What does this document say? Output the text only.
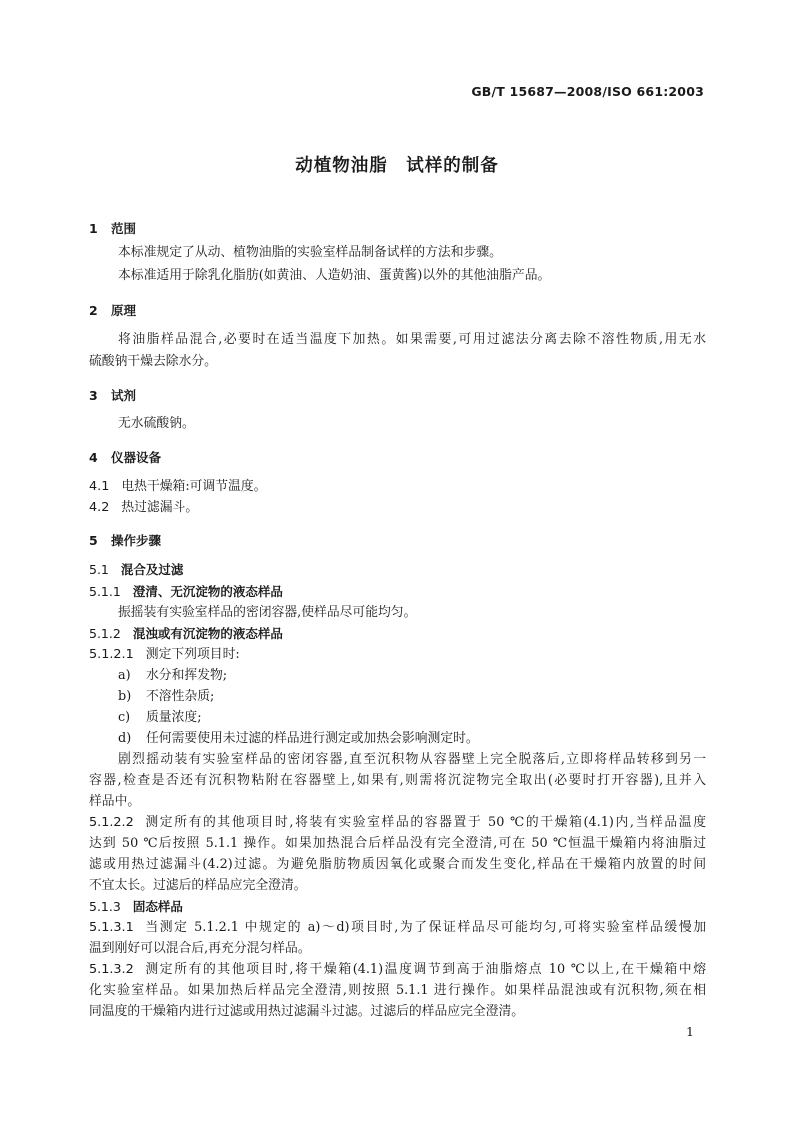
GB/T 15687—2008/ISO 661:2003

动植物油脂　试样的制备

1 范围

本标准规定了从动、植物油脂的实验室样品制备试样的方法和步骤。

本标准适用于除乳化脂肪(如黄油、人造奶油、蛋黄酱)以外的其他油脂产品。

2 原理

将油脂样品混合,必要时在适当温度下加热。如果需要,可用过滤法分离去除不溶性物质,用无水

硫酸钠干燥去除水分。

3 试剂

无水硫酸钠。

4 仪器设备

4.1 电热干燥箱:可调节温度。

4.2 热过滤漏斗。

5 操作步骤

5.1 混合及过滤

5.1.1 澄清、无沉淀物的液态样品

振摇装有实验室样品的密闭容器,使样品尽可能均匀。

5.1.2 混浊或有沉淀物的液态样品

5.1.2.1 测定下列项目时:

a) 水分和挥发物;

b) 不溶性杂质;

c) 质量浓度;

d) 任何需要使用未过滤的样品进行测定或加热会影响测定时。

剧烈摇动装有实验室样品的密闭容器,直至沉积物从容器壁上完全脱落后,立即将样品转移到另一

容器,检查是否还有沉积物粘附在容器壁上,如果有,则需将沉淀物完全取出(必要时打开容器),且并入

样品中。

5.1.2.2 测定所有的其他项目时,将装有实验室样品的容器置于 50 ℃的干燥箱(4.1)内,当样品温度

达到 50 ℃后按照 5.1.1 操作。如果加热混合后样品没有完全澄清,可在 50 ℃恒温干燥箱内将油脂过

滤或用热过滤漏斗(4.2)过滤。为避免脂肪物质因氧化或聚合而发生变化,样品在干燥箱内放置的时间

不宜太长。过滤后的样品应完全澄清。

5.1.3 固态样品

5.1.3.1 当测定 5.1.2.1 中规定的 a)～d)项目时,为了保证样品尽可能均匀,可将实验室样品缓慢加

温到刚好可以混合后,再充分混匀样品。

5.1.3.2 测定所有的其他项目时,将干燥箱(4.1)温度调节到高于油脂熔点 10 ℃以上,在干燥箱中熔

化实验室样品。如果加热后样品完全澄清,则按照 5.1.1 进行操作。如果样品混浊或有沉积物,须在相

同温度的干燥箱内进行过滤或用热过滤漏斗过滤。过滤后的样品应完全澄清。

1
